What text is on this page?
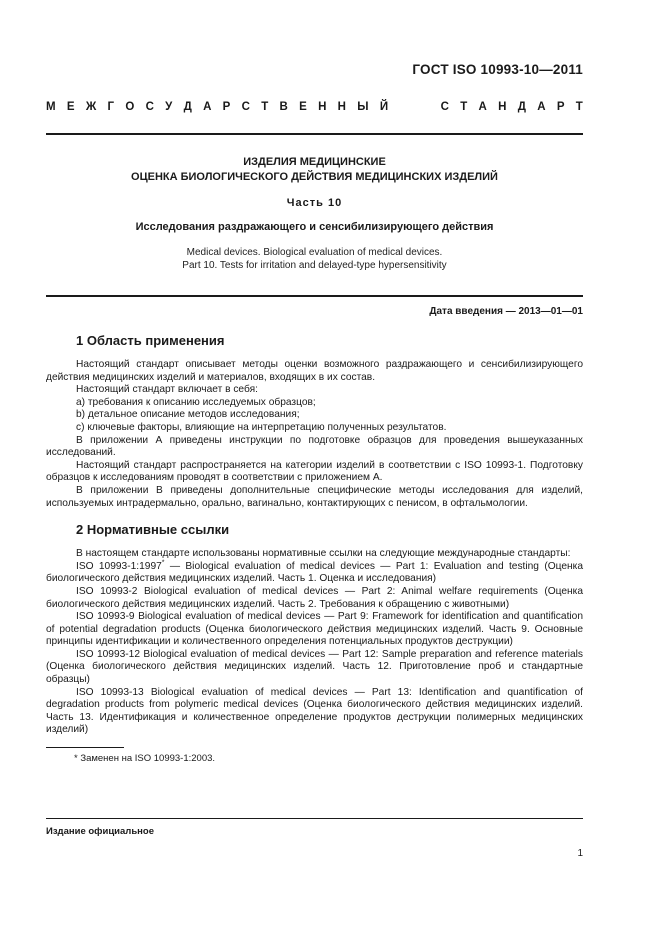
ГОСТ ISO 10993-10—2011
М Е Ж Г О С У Д А Р С Т В Е Н Н Ы Й	С Т А Н Д А Р Т
ИЗДЕЛИЯ МЕДИЦИНСКИЕ
ОЦЕНКА БИОЛОГИЧЕСКОГО ДЕЙСТВИЯ МЕДИЦИНСКИХ ИЗДЕЛИЙ
Часть 10
Исследования раздражающего и сенсибилизирующего действия
Medical devices. Biological evaluation of medical devices.
Part 10. Tests for irritation and delayed-type hypersensitivity
Дата введения — 2013—01—01
1 Область применения

Настоящий стандарт описывает методы оценки возможного раздражающего и сенсибилизирующего действия медицинских изделий и материалов, входящих в их состав.

Настоящий стандарт включает в себя:

a) требования к описанию исследуемых образцов;

b) детальное описание методов исследования;

c) ключевые факторы, влияющие на интерпретацию полученных результатов.

В приложении А приведены инструкции по подготовке образцов для проведения вышеуказанных исследований.

Настоящий стандарт распространяется на категории изделий в соответствии с ISO 10993-1. Подготовку образцов к исследованиям проводят в соответствии с приложением А.

В приложении В приведены дополнительные специфические методы исследования для изделий, используемых интрадермально, орально, вагинально, контактирующих с пенисом, в офтальмологии.

2 Нормативные ссылки

В настоящем стандарте использованы нормативные ссылки на следующие международные стандарты:

ISO 10993-1:1997* — Biological evaluation of medical devices — Part 1: Evaluation and testing (Оценка биологического действия медицинских изделий. Часть 1. Оценка и исследования)

ISO 10993-2 Biological evaluation of medical devices — Part 2: Animal welfare requirements (Оценка биологического действия медицинских изделий. Часть 2. Требования к обращению с животными)

ISO 10993-9 Biological evaluation of medical devices — Part 9: Framework for identification and quantification of potential degradation products (Оценка биологического действия медицинских изделий. Часть 9. Основные принципы идентификации и количественного определения потенциальных продуктов деструкции)

ISO 10993-12 Biological evaluation of medical devices — Part 12: Sample preparation and reference materials (Оценка биологического действия медицинских изделий. Часть 12. Приготовление проб и стандартные образцы)

ISO 10993-13 Biological evaluation of medical devices — Part 13: Identification and quantification of degradation products from polymeric medical devices (Оценка биологического действия медицинских изделий. Часть 13. Идентификация и количественное определение продуктов деструкции полимерных медицинских изделий)

* Заменен на ISO 10993-1:2003.
Издание официальное
1
